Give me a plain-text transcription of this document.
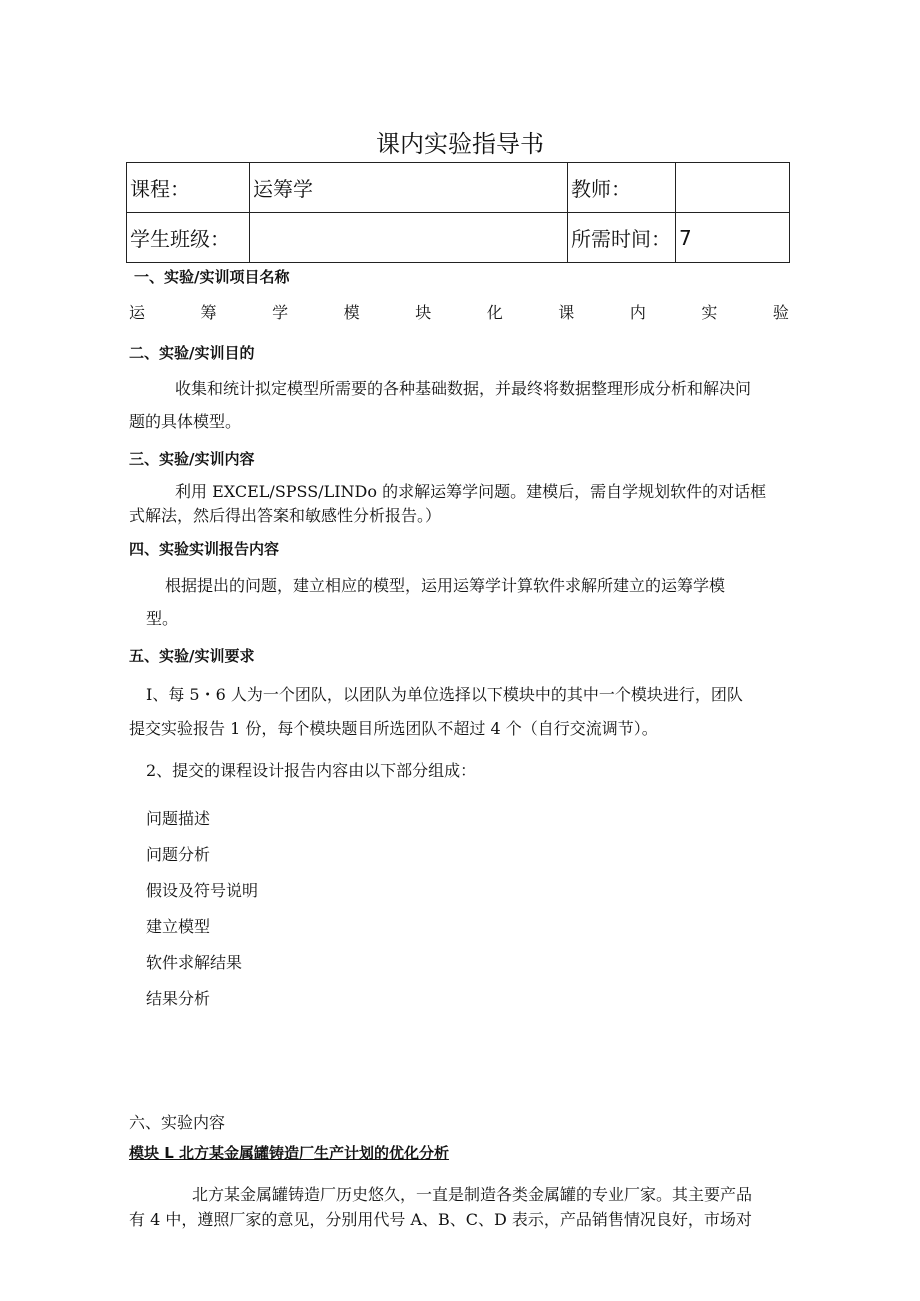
课内实验指导书
课程：	运筹学	教师：	
学生班级：		所需时间：	7
一、实验/实训项目名称
运	筹	学	模	块	化	课	内	实	验
二、实验/实训目的
收集和统计拟定模型所需要的各种基础数据，并最终将数据整理形成分析和解决问
题的具体模型。
三、实验/实训内容
利用 EXCEL/SPSS/LINDo 的求解运筹学问题。建模后，需自学规划软件的对话框
式解法，然后得出答案和敏感性分析报告。）
四、实验实训报告内容
根据提出的问题，建立相应的模型，运用运筹学计算软件求解所建立的运筹学模
型。
五、实验/实训要求
I、每 5・6 人为一个团队，以团队为单位选择以下模块中的其中一个模块进行，团队
提交实验报告 1 份，每个模块题目所选团队不超过 4 个（自行交流调节）。
2、提交的课程设计报告内容由以下部分组成：
问题描述
问题分析
假设及符号说明
建立模型
软件求解结果
结果分析
六、实验内容
模块 L 北方某金属罐铸造厂生产计划的优化分析
北方某金属罐铸造厂历史悠久，一直是制造各类金属罐的专业厂家。其主要产品
有 4 中，遵照厂家的意见，分别用代号 A、B、C、D 表示，产品销售情况良好，市场对
